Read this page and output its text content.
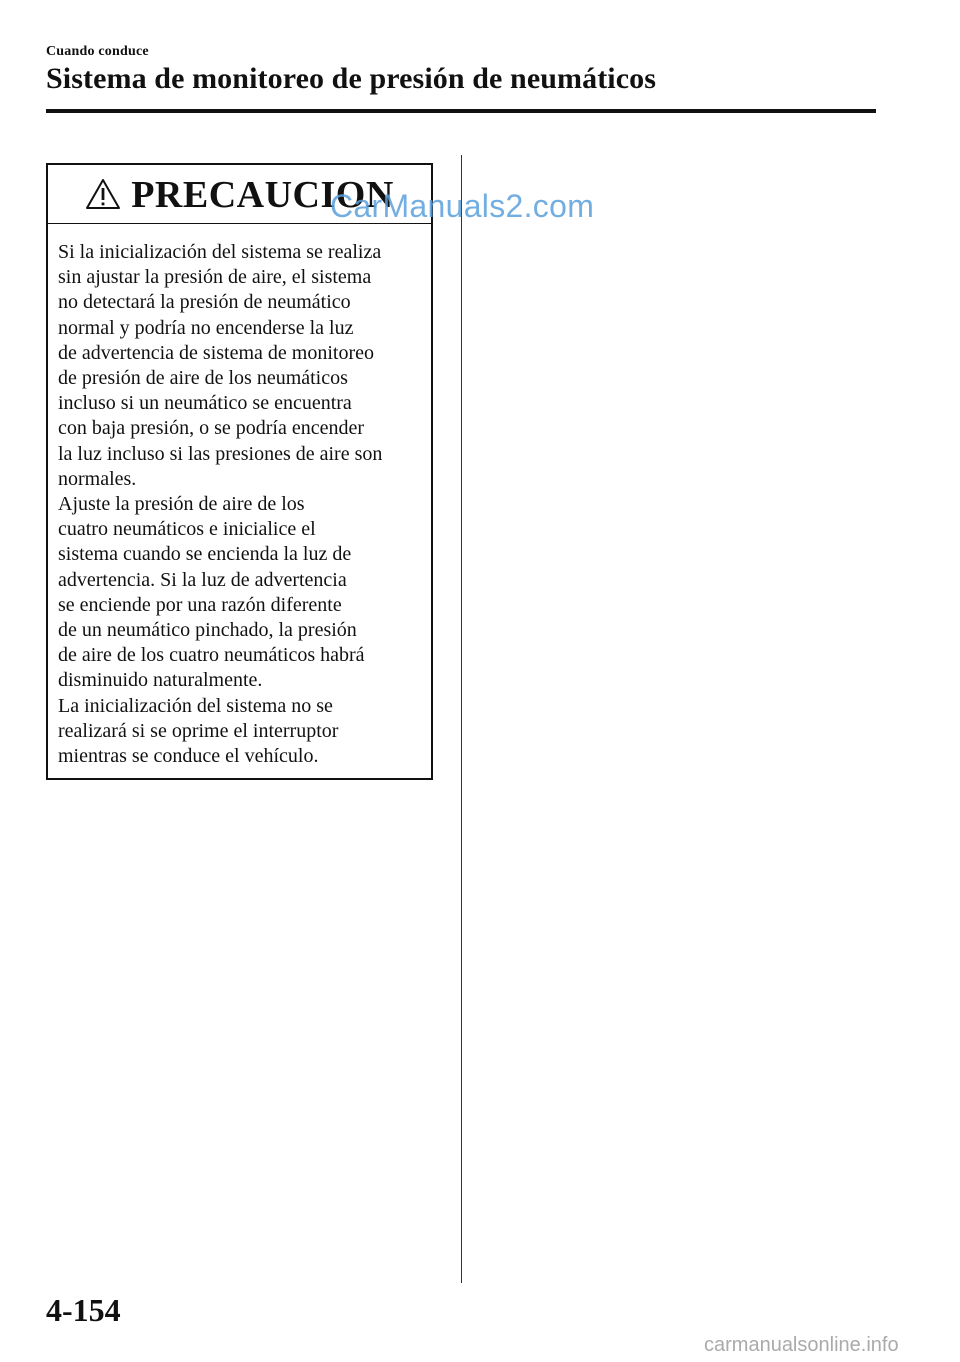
Cuando conduce
Sistema de monitoreo de presión de neumáticos
PRECAUCION

Si la inicialización del sistema se realiza

sin ajustar la presión de aire, el sistema

no detectará la presión de neumático

normal y podría no encenderse la luz

de advertencia de sistema de monitoreo

de presión de aire de los neumáticos

incluso si un neumático se encuentra

con baja presión, o se podría encender

la luz incluso si las presiones de aire son

normales.

Ajuste la presión de aire de los

cuatro neumáticos e inicialice el

sistema cuando se encienda la luz de

advertencia. Si la luz de advertencia

se enciende por una razón diferente

de un neumático pinchado, la presión

de aire de los cuatro neumáticos habrá

disminuido naturalmente.

La inicialización del sistema no se

realizará si se oprime el interruptor

mientras se conduce el vehículo.

CarManuals2.com
4-154
carmanualsonline.info
